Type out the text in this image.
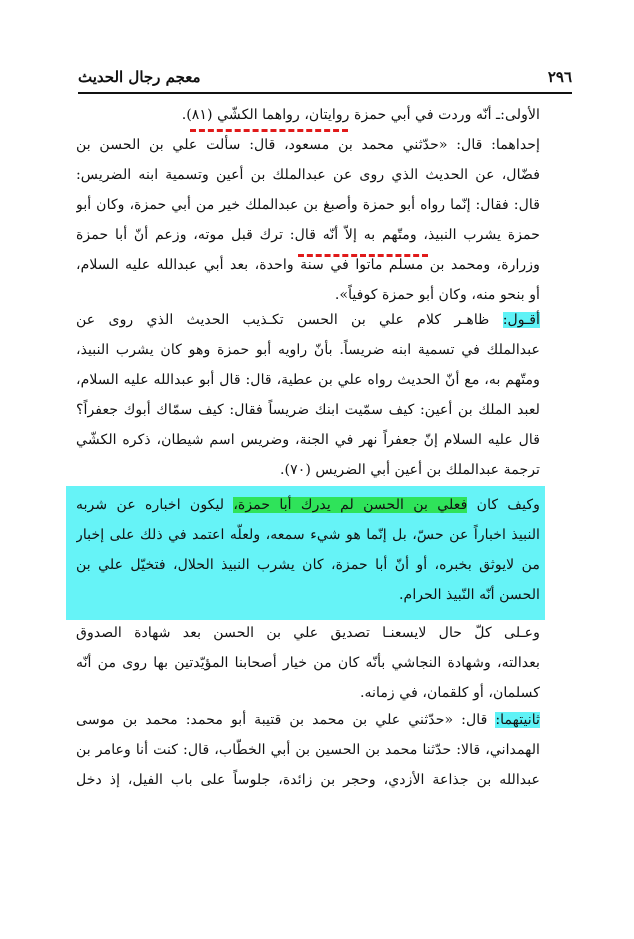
٢٩٦
معجم رجال الحديث
الأولى:ـ أنّه وردت في أبي حمزة روايتان، رواهما الكشّي (٨١).
إحداهما: قال: «حدّثني محمد بن مسعود، قال: سألت علي بن الحسن بن
فضّال، عن الحديث الذي روى عن عبدالملك بن أعين وتسمية ابنه الضريس:
قال: فقال: إنّما رواه أبو حمزة وأصبغ بن عبدالملك خير من أبي حمزة، وكان أبو
حمزة يشرب النبيذ، ومتّهم به إلاّ أنّه قال: ترك قبل موته، وزعم أنّ أبا حمزة
وزرارة، ومحمد بن مسلم ماتوا في سنة واحدة، بعد أبي عبدالله عليه السلام،
أو بنحو منه، وكان أبو حمزة كوفياً».
أقـول: ظاهـر كلام علي بن الحسن تكـذيب الحديث الذي روى عن
عبدالملك في تسمية ابنه ضريساً. بأنّ راويه أبو حمزة وهو كان يشرب النبيذ،
ومتّهم به، مع أنّ الحديث رواه علي بن عطية، قال: قال أبو عبدالله عليه السلام،
لعبد الملك بن أعين: كيف سمّيت ابنك ضريساً فقال: كيف سمّاك أبوك جعفراً؟
قال عليه السلام إنّ جعفراً نهر في الجنة، وضريس اسم شيطان، ذكره الكشّي
ترجمة عبدالملك بن أعين أبي الضريس (٧٠).
وكيف كان فعلي بن الحسن لم يدرك أبا حمزة، ليكون اخباره عن شربه
النبيذ اخباراً عن حسّ، بل إنّما هو شيء سمعه، ولعلّه اعتمد في ذلك على إخبار
من لايوثق بخبره، أو أنّ أبا حمزة، كان يشرب النبيذ الحلال، فتخيّل علي بن
الحسن أنّه النّبيذ الحرام.
وعـلى كلّ حال لايسعنـا تصديق علي بن الحسن بعد شهادة الصدوق
بعدالته، وشهادة النجاشي بأنّه كان من خيار أصحابنا المؤيّدتين بها روى من أنّه
كسلمان، أو كلقمان، في زمانه.
ثانيتهما: قال: «حدّثني علي بن محمد بن قتيبة أبو محمد: محمد بن موسى
الهمداني، قالا: حدّثنا محمد بن الحسين بن أبي الخطّاب، قال: كنت أنا وعامر بن
عبدالله بن جذاعة الأزدي، وحجر بن زائدة، جلوساً على باب الفيل، إذ دخل
